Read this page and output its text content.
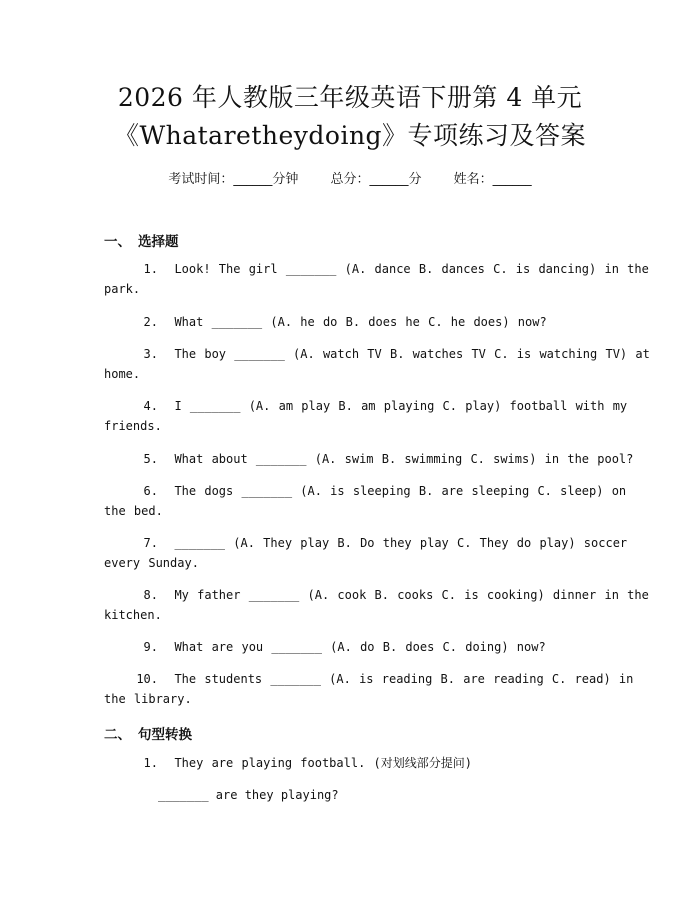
2026 年人教版三年级英语下册第 4 单元
《Whataretheydoing》专项练习及答案
考试时间：______分钟 总分：______分 姓名：______
一、 选择题
1. Look! The girl _______ (A. dance B. dances C. is dancing) in the
park.
2. What _______ (A. he do B. does he C. he does) now?
3. The boy _______ (A. watch TV B. watches TV C. is watching TV) at
home.
4. I _______ (A. am play B. am playing C. play) football with my
friends.
5. What about _______ (A. swim B. swimming C. swims) in the pool?
6. The dogs _______ (A. is sleeping B. are sleeping C. sleep) on
the bed.
7. _______ (A. They play B. Do they play C. They do play) soccer
every Sunday.
8. My father _______ (A. cook B. cooks C. is cooking) dinner in the
kitchen.
9. What are you _______ (A. do B. does C. doing) now?
10. The students _______ (A. is reading B. are reading C. read) in
the library.
二、 句型转换
1. They are playing football. (对划线部分提问)
_______ are they playing?
